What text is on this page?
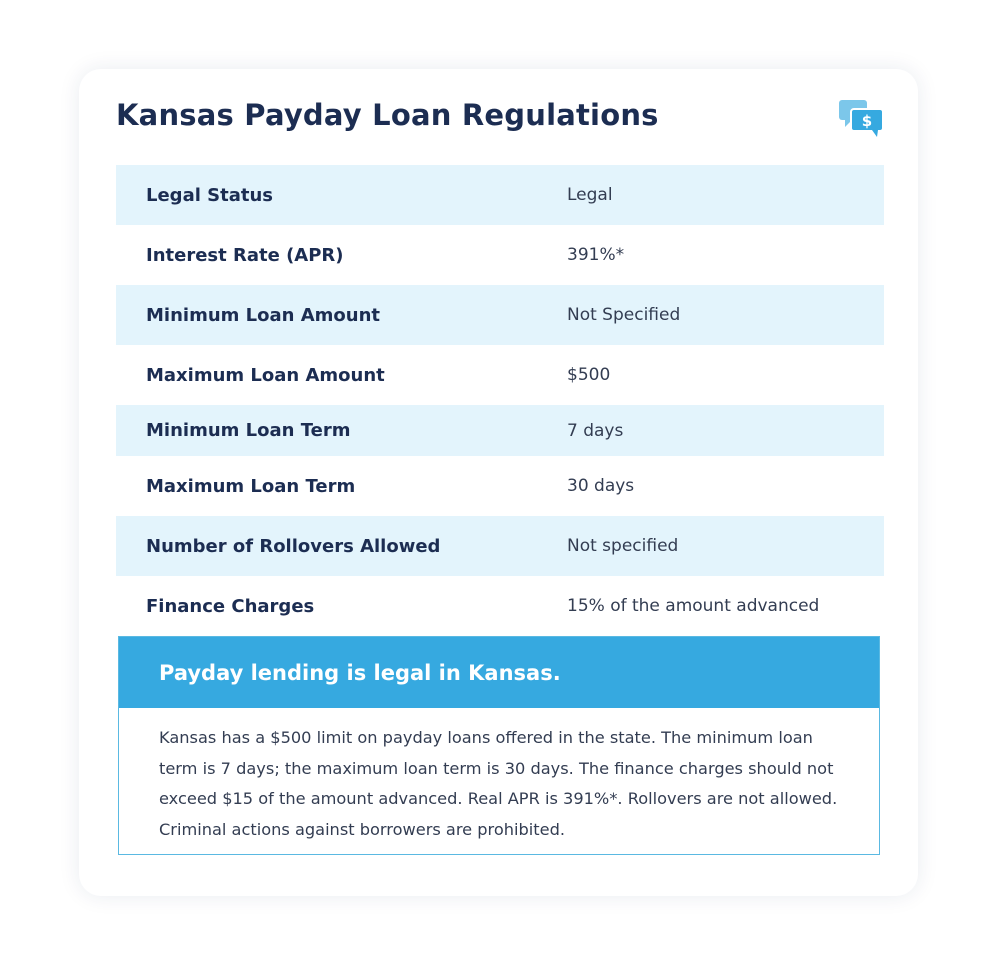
Kansas Payday Loan Regulations	$
Legal Status	Legal
Interest Rate (APR)	391%*
Minimum Loan Amount	Not Specified
Maximum Loan Amount	$500
Minimum Loan Term	7 days
Maximum Loan Term	30 days
Number of Rollovers Allowed	Not specified
Finance Charges	15% of the amount advanced
Payday lending is legal in Kansas.
Kansas has a $500 limit on payday loans offered in the state. The minimum loan term is 7 days; the maximum loan term is 30 days. The finance charges should not exceed $15 of the amount advanced. Real APR is 391%*. Rollovers are not allowed. Criminal actions against borrowers are prohibited.
